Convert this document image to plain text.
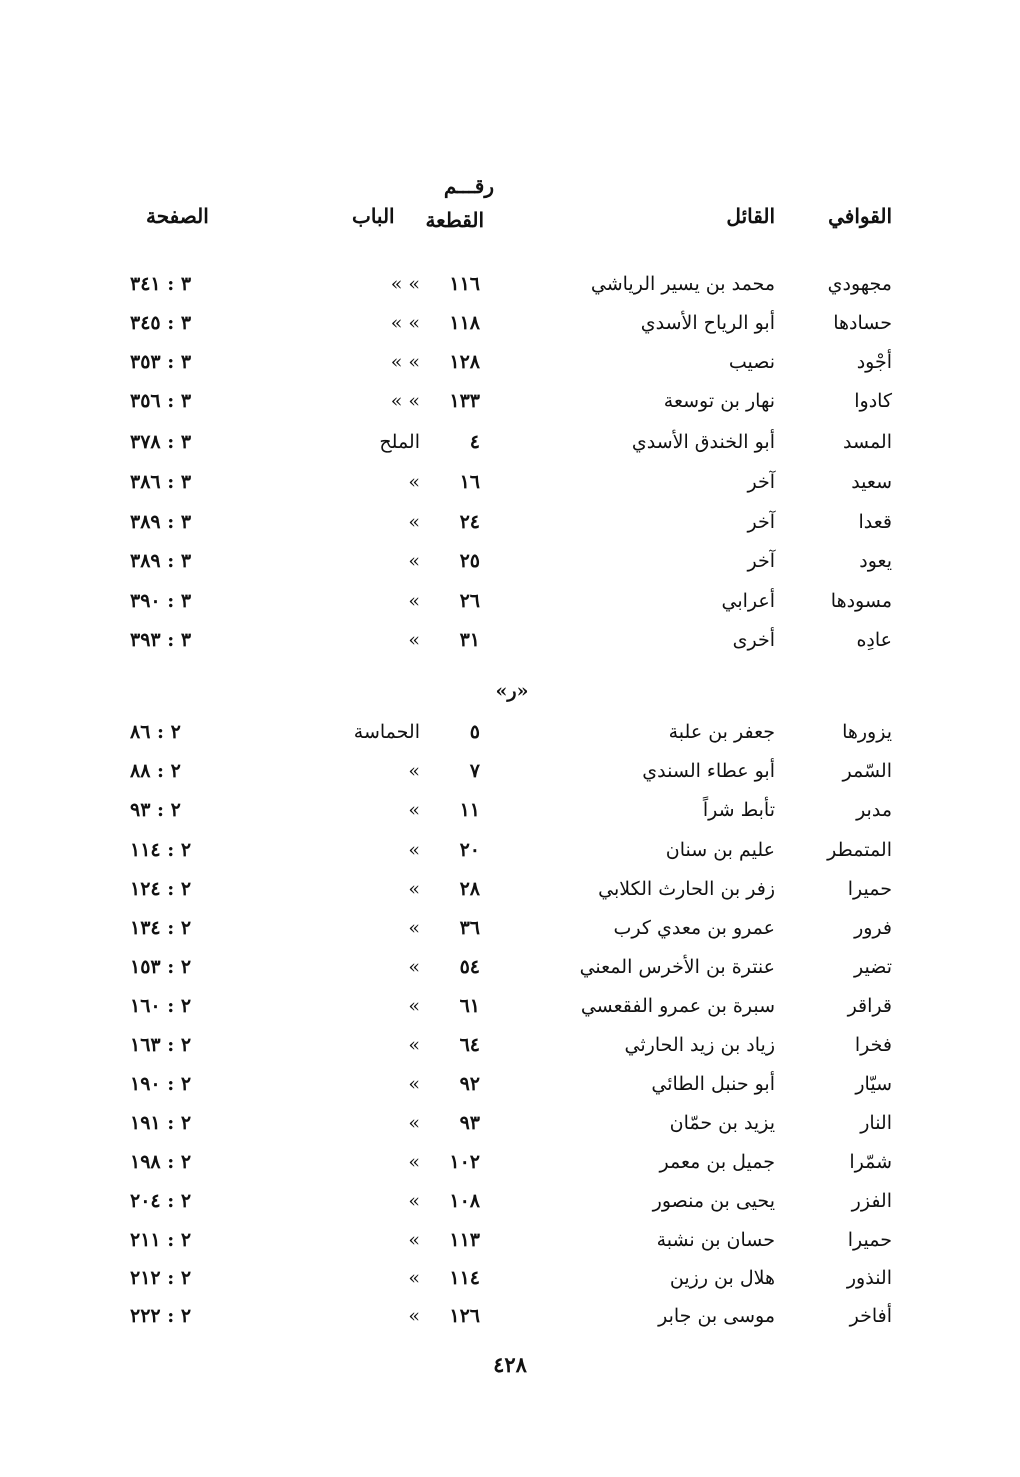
القوافي
القائل
رقـــم
القطعة
الباب
الصفحة
مجهودي
محمد بن يسير الرياشي
١١٦
» »
٣ : ٣٤١
حسادها
أبو الرياح الأسدي
١١٨
» »
٣ : ٣٤٥
أجْود
نصيب
١٢٨
» »
٣ : ٣٥٣
كادوا
نهار بن توسعة
١٣٣
» »
٣ : ٣٥٦
المسد
أبو الخندق الأسدي
٤
الملح
٣ : ٣٧٨
سعيد
آخر
١٦
»
٣ : ٣٨٦
قعدا
آخر
٢٤
»
٣ : ٣٨٩
يعود
آخر
٢٥
»
٣ : ٣٨٩
مسودها
أعرابي
٢٦
»
٣ : ٣٩٠
عادِه
أخرى
٣١
»
٣ : ٣٩٣
«ر»
يزورها
جعفر بن علبة
٥
الحماسة
٢ : ٨٦
السّمر
أبو عطاء السندي
٧
»
٢ : ٨٨
مدبر
تأبط شراً
١١
»
٢ : ٩٣
المتمطر
عليم بن سنان
٢٠
»
٢ : ١١٤
حميرا
زفر بن الحارث الكلابي
٢٨
»
٢ : ١٢٤
فرور
عمرو بن معدي كرب
٣٦
»
٢ : ١٣٤
تضير
عنترة بن الأخرس المعني
٥٤
»
٢ : ١٥٣
قراقر
سبرة بن عمرو الفقعسي
٦١
»
٢ : ١٦٠
فخرا
زياد بن زيد الحارثي
٦٤
»
٢ : ١٦٣
سيّار
أبو حنبل الطائي
٩٢
»
٢ : ١٩٠
النار
يزيد بن حمّان
٩٣
»
٢ : ١٩١
شمّرا
جميل بن معمر
١٠٢
»
٢ : ١٩٨
الفزر
يحيى بن منصور
١٠٨
»
٢ : ٢٠٤
حميرا
حسان بن نشبة
١١٣
»
٢ : ٢١١
النذور
هلال بن رزين
١١٤
»
٢ : ٢١٢
أفاخر
موسى بن جابر
١٢٦
»
٢ : ٢٢٢
٤٢٨
